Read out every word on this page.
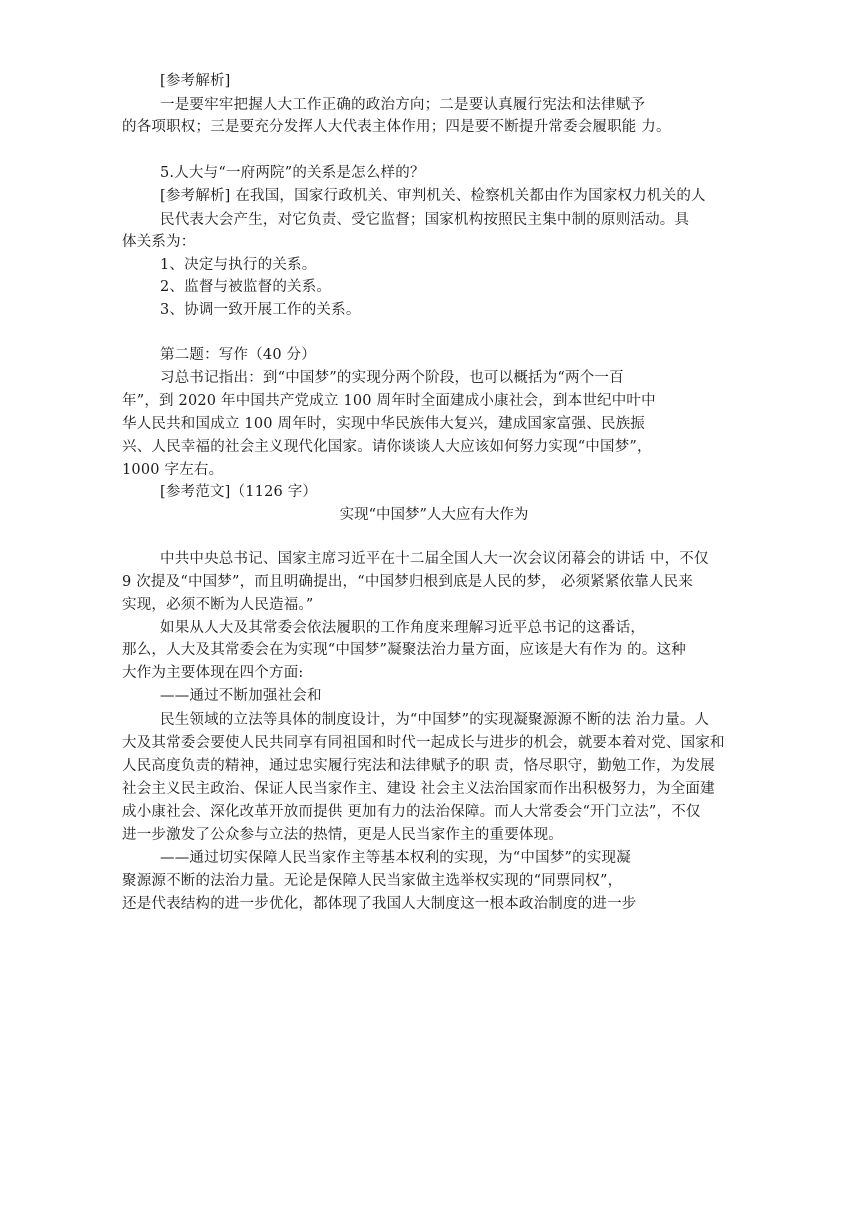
[参考解析]
一是要牢牢把握人大工作正确的政治方向；二是要认真履行宪法和法律赋予
的各项职权；三是要充分发挥人大代表主体作用；四是要不断提升常委会履职能 力。
5.人大与“一府两院”的关系是怎么样的？
[参考解析] 在我国，国家行政机关、审判机关、检察机关都由作为国家权力机关的人
民代表大会产生，对它负责、受它监督；国家机构按照民主集中制的原则活动。具
体关系为：
1、决定与执行的关系。
2、监督与被监督的关系。
3、协调一致开展工作的关系。
第二题：写作（40 分）
习总书记指出：到“中国梦”的实现分两个阶段，也可以概括为“两个一百
年”，到 2020 年中国共产党成立 100 周年时全面建成小康社会，到本世纪中叶中
华人民共和国成立 100 周年时，实现中华民族伟大复兴，建成国家富强、民族振
兴、人民幸福的社会主义现代化国家。请你谈谈人大应该如何努力实现“中国梦”，
1000 字左右。
[参考范文]（1126 字）
实现“中国梦”人大应有大作为
中共中央总书记、国家主席习近平在十二届全国人大一次会议闭幕会的讲话 中，不仅
9 次提及“中国梦”，而且明确提出，“中国梦归根到底是人民的梦， 必须紧紧依靠人民来
实现，必须不断为人民造福。”
如果从人大及其常委会依法履职的工作角度来理解习近平总书记的这番话，
那么，人大及其常委会在为实现“中国梦”凝聚法治力量方面，应该是大有作为 的。这种
大作为主要体现在四个方面:
——通过不断加强社会和
民生领域的立法等具体的制度设计，为“中国梦”的实现凝聚源源不断的法 治力量。人
大及其常委会要使人民共同享有同祖国和时代一起成长与进步的机会，就要本着对党、国家和
人民高度负责的精神，通过忠实履行宪法和法律赋予的职 责，恪尽职守，勤勉工作，为发展
社会主义民主政治、保证人民当家作主、建设 社会主义法治国家而作出积极努力，为全面建
成小康社会、深化改革开放而提供 更加有力的法治保障。而人大常委会“开门立法”，不仅
进一步激发了公众参与立法的热情，更是人民当家作主的重要体现。
——通过切实保障人民当家作主等基本权利的实现，为“中国梦”的实现凝
聚源源不断的法治力量。无论是保障人民当家做主选举权实现的“同票同权”，
还是代表结构的进一步优化，都体现了我国人大制度这一根本政治制度的进一步
